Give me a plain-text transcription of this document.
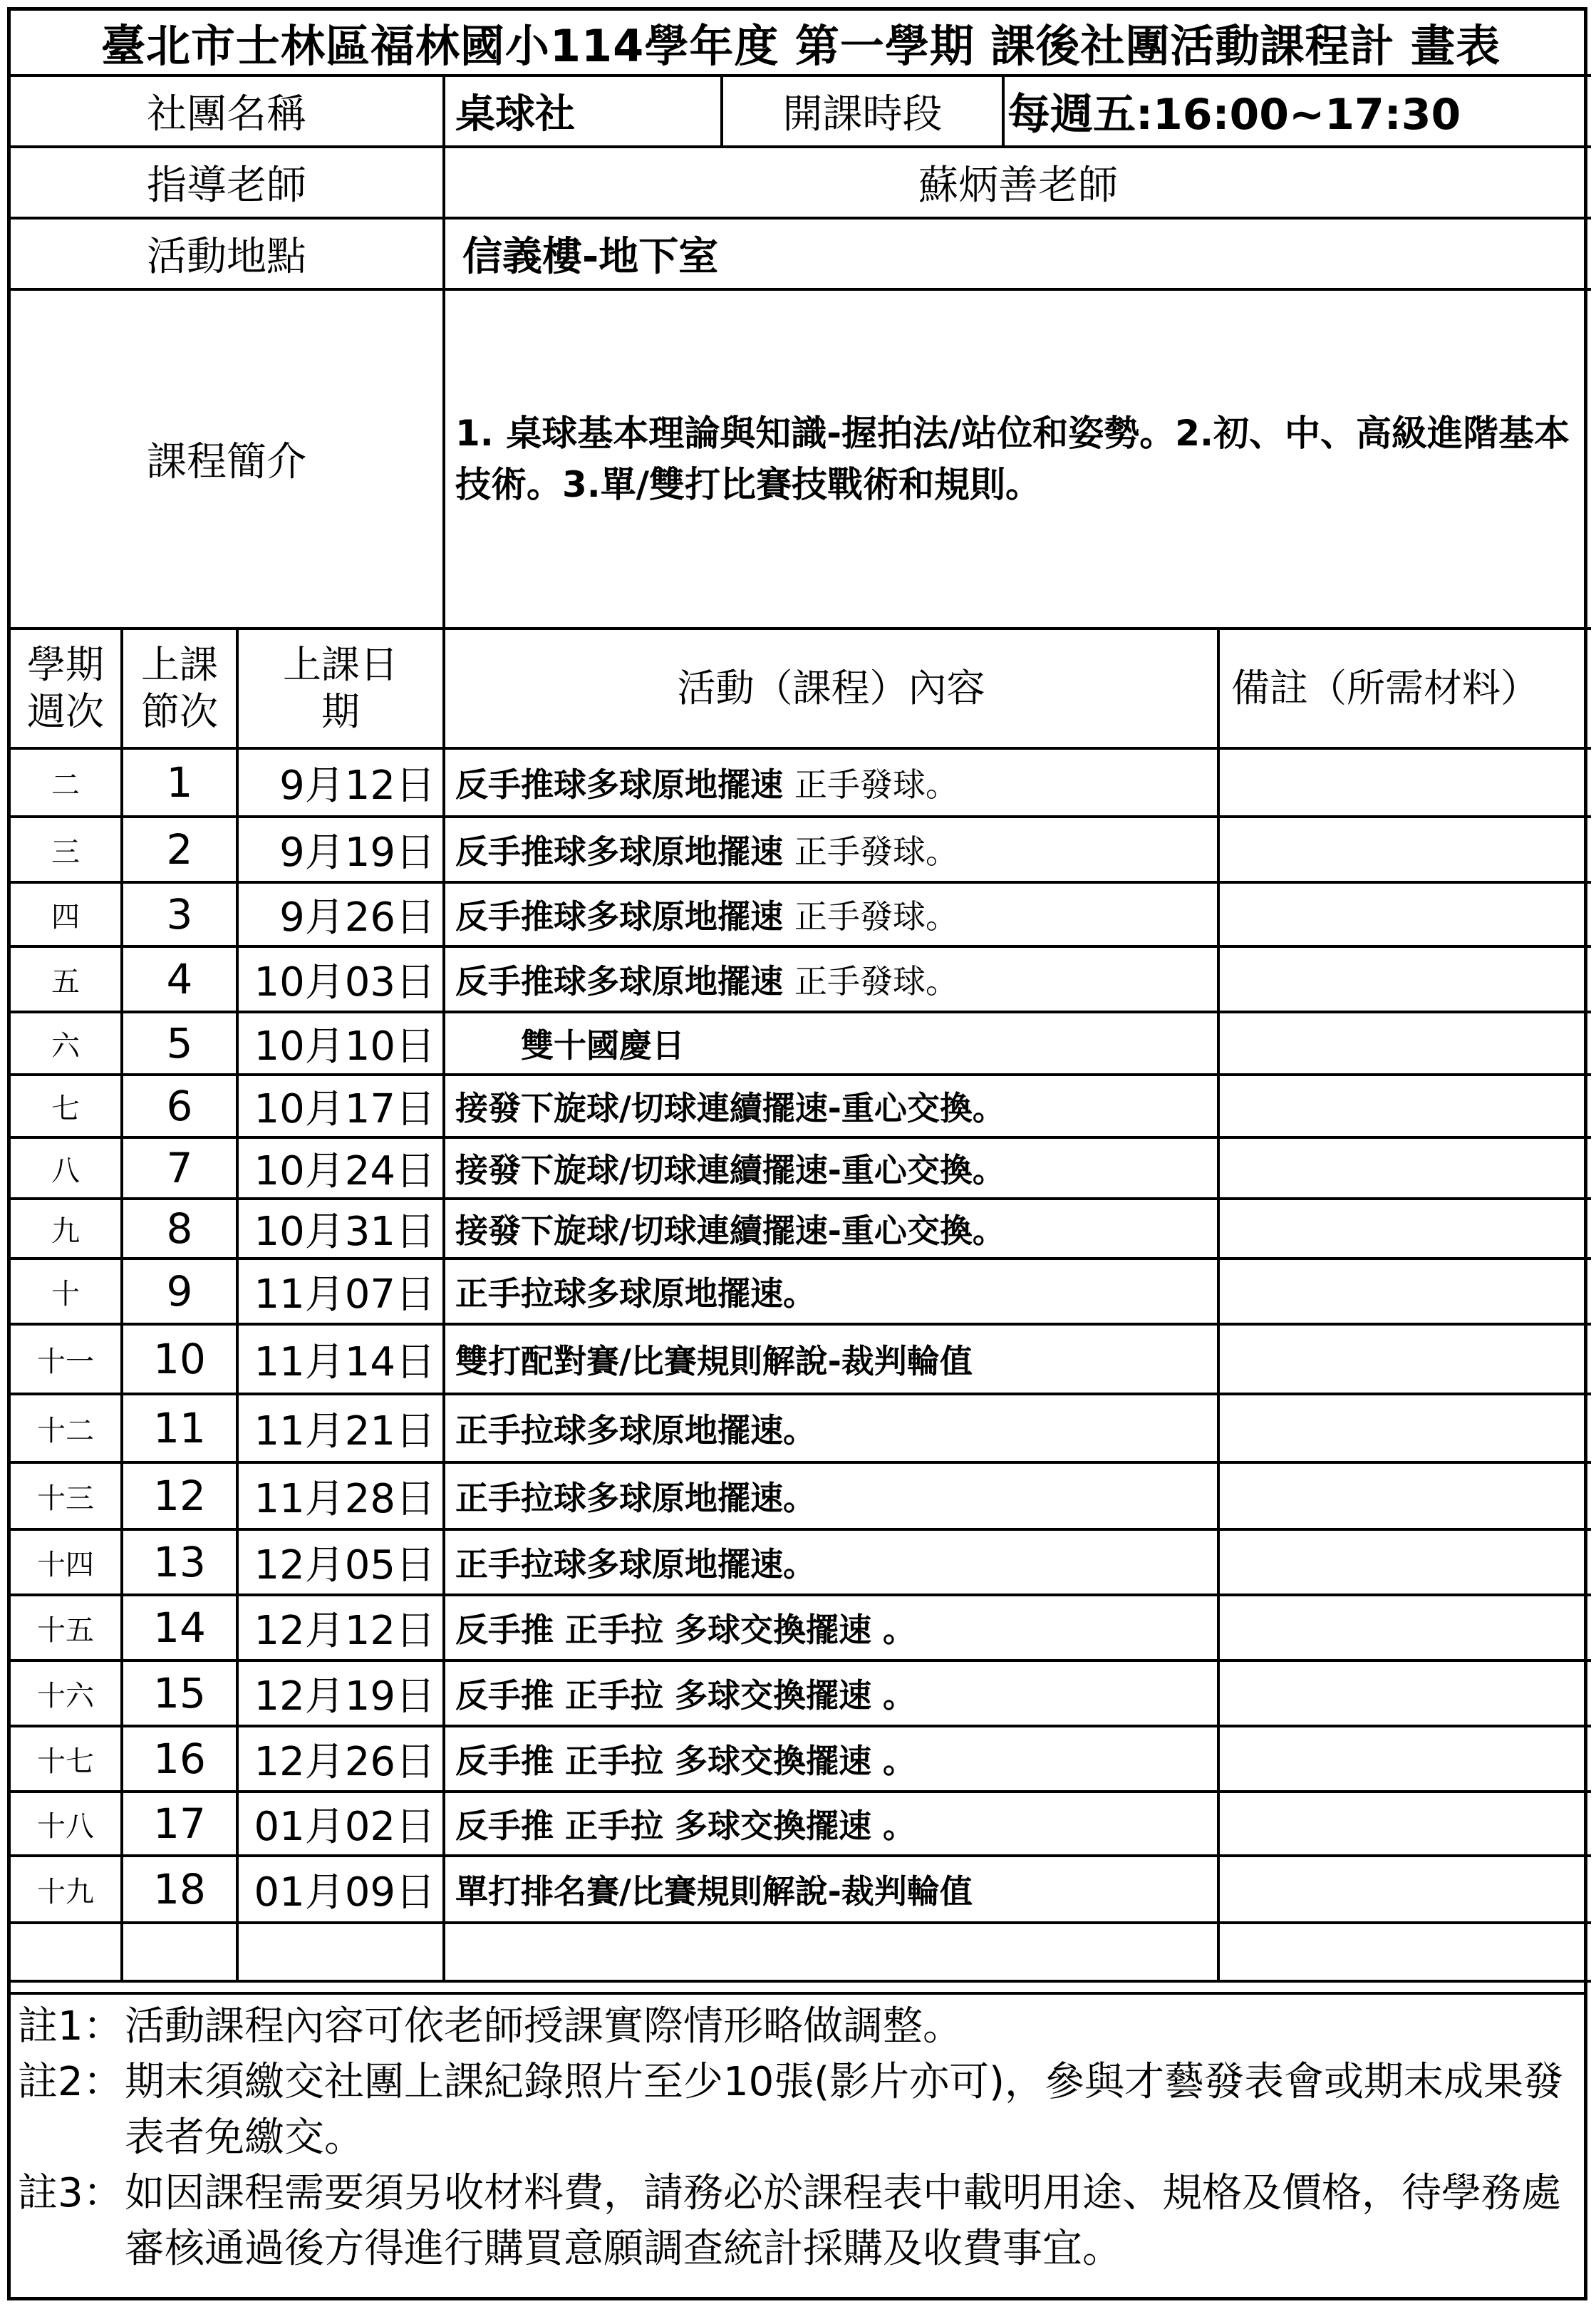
臺北市士林區福林國小114學年度 第一學期 課後社團活動課程計 畫表			
社團名稱	桌球社	開課時段	每週五:16:00~17:30
指導老師	蘇炳善老師		
活動地點	信義樓-地下室		
課程簡介	1. 桌球基本理論與知識-握拍法/站位和姿勢。2.初、中、高級進階基本技術。3.單/雙打比賽技戰術和規則。		
學期週次	上課節次	上課日期	活動（課程）內容	備註（所需材料）
二	1	9月12日	反手推球多球原地擺速 正手發球。	
三	2	9月19日	反手推球多球原地擺速 正手發球。	
四	3	9月26日	反手推球多球原地擺速 正手發球。	
五	4	10月03日	反手推球多球原地擺速 正手發球。	
六	5	10月10日	　　雙十國慶日	
七	6	10月17日	接發下旋球/切球連續擺速-重心交換。	
八	7	10月24日	接發下旋球/切球連續擺速-重心交換。	
九	8	10月31日	接發下旋球/切球連續擺速-重心交換。	
十	9	11月07日	正手拉球多球原地擺速。	
十一	10	11月14日	雙打配對賽/比賽規則解說-裁判輪值	
十二	11	11月21日	正手拉球多球原地擺速。	
十三	12	11月28日	正手拉球多球原地擺速。	
十四	13	12月05日	正手拉球多球原地擺速。	
十五	14	12月12日	反手推 正手拉 多球交換擺速 。	
十六	15	12月19日	反手推 正手拉 多球交換擺速 。	
十七	16	12月26日	反手推 正手拉 多球交換擺速 。	
十八	17	01月02日	反手推 正手拉 多球交換擺速 。	
十九	18	01月09日	單打排名賽/比賽規則解說-裁判輪值	

註1： 活動課程內容可依老師授課實際情形略做調整。
註2： 期末須繳交社團上課紀錄照片至少10張(影片亦可)，參與才藝發表會或期末成果發表者免繳交。
註3： 如因課程需要須另收材料費，請務必於課程表中載明用途、規格及價格，待學務處審核通過後方得進行購買意願調查統計採購及收費事宜。
